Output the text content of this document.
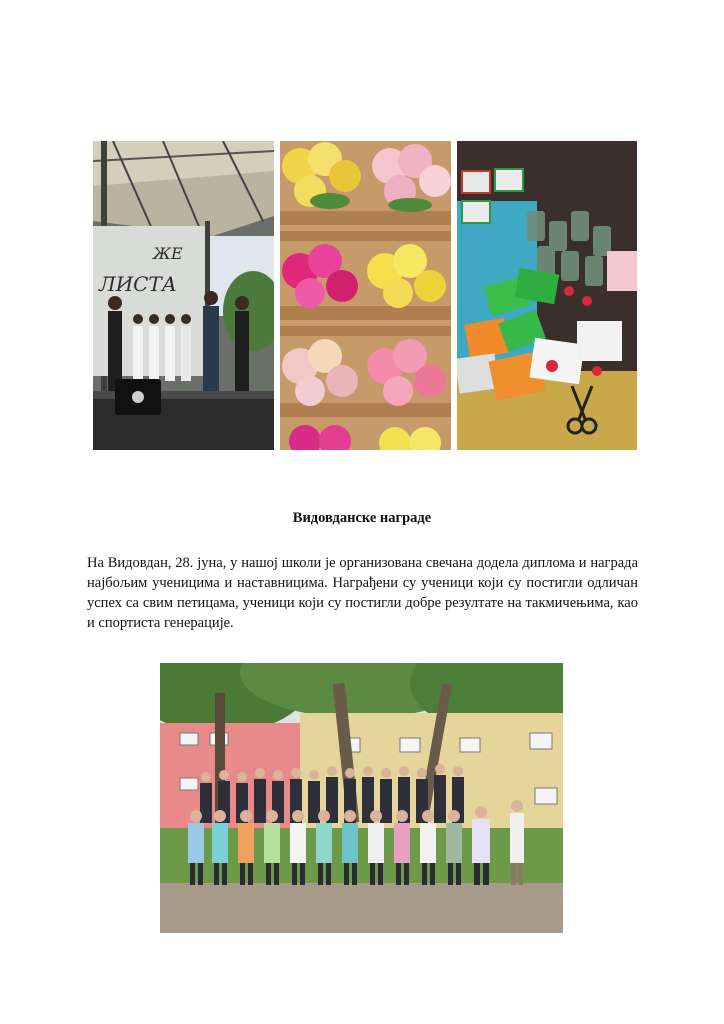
ЖЕ
ЛИСТА
Видовданске награде

На Видовдан, 28. јуна, у нашој школи је организована свечана додела диплома и награда најбољим ученицима и наставницима. Награђени су ученици који су постигли одличан успех са свим петицама, ученици који су постигли добре резултате на такмичењима, као и спортиста генерације.
